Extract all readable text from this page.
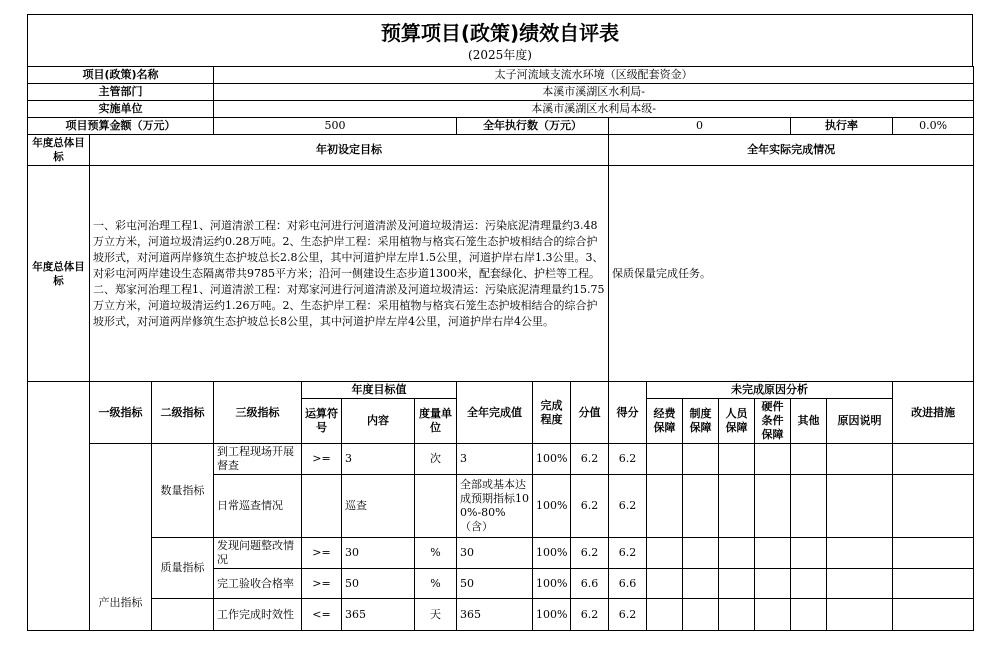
预算项目(政策)绩效自评表
(2025年度)
项目(政策)名称			太子河流域支流水环境（区级配套资金）														
主管部门			本溪市溪湖区水利局-														
实施单位			本溪市溪湖区水利局本级-														
项目预算金额（万元）			500				全年执行数（万元）			0					执行率		0.0%
年度总体目标	年初设定目标									全年实际完成情况							
年度总体目标	一、彩屯河治理工程1、河道清淤工程：对彩屯河进行河道清淤及河道垃圾清运：污染底泥清理量约3.48万立方米，河道垃圾清运约0.28万吨。2、生态护岸工程：采用植物与格宾石笼生态护坡相结合的综合护坡形式，对河道两岸修筑生态护坡总长2.8公里，其中河道护岸左岸1.5公里，河道护岸右岸1.3公里。3、对彩屯河两岸建设生态隔离带共9785平方米；沿河一侧建设生态步道1300米，配套绿化、护栏等工程。二、郑家河治理工程1、河道清淤工程：对郑家河进行河道清淤及河道垃圾清运：污染底泥清理量约15.75万立方米，河道垃圾清运约1.26万吨。2、生态护岸工程：采用植物与格宾石笼生态护坡相结合的综合护坡形式，对河道两岸修筑生态护坡总长8公里，其中河道护岸左岸4公里，河道护岸右岸4公里。									保质保量完成任务。							
	一级指标	二级指标	三级指标	年度目标值			全年完成值	完成程度	分值	得分	未完成原因分析						改进措施
				运算符号	内容	度量单位					经费保障	制度保障	人员保障	硬件条件保障	其他	原因说明	
	产出指标	数量指标	到工程现场开展督查	>=	3	次	3	100%	6.2	6.2							
			日常巡查情况		巡查		全部或基本达成预期指标100%-80%（含）	100%	6.2	6.2							
		质量指标	发现问题整改情况	>=	30	%	30	100%	6.2	6.2							
			完工验收合格率	>=	50	%	50	100%	6.6	6.6							
			工作完成时效性	<=	365	天	365	100%	6.2	6.2							
